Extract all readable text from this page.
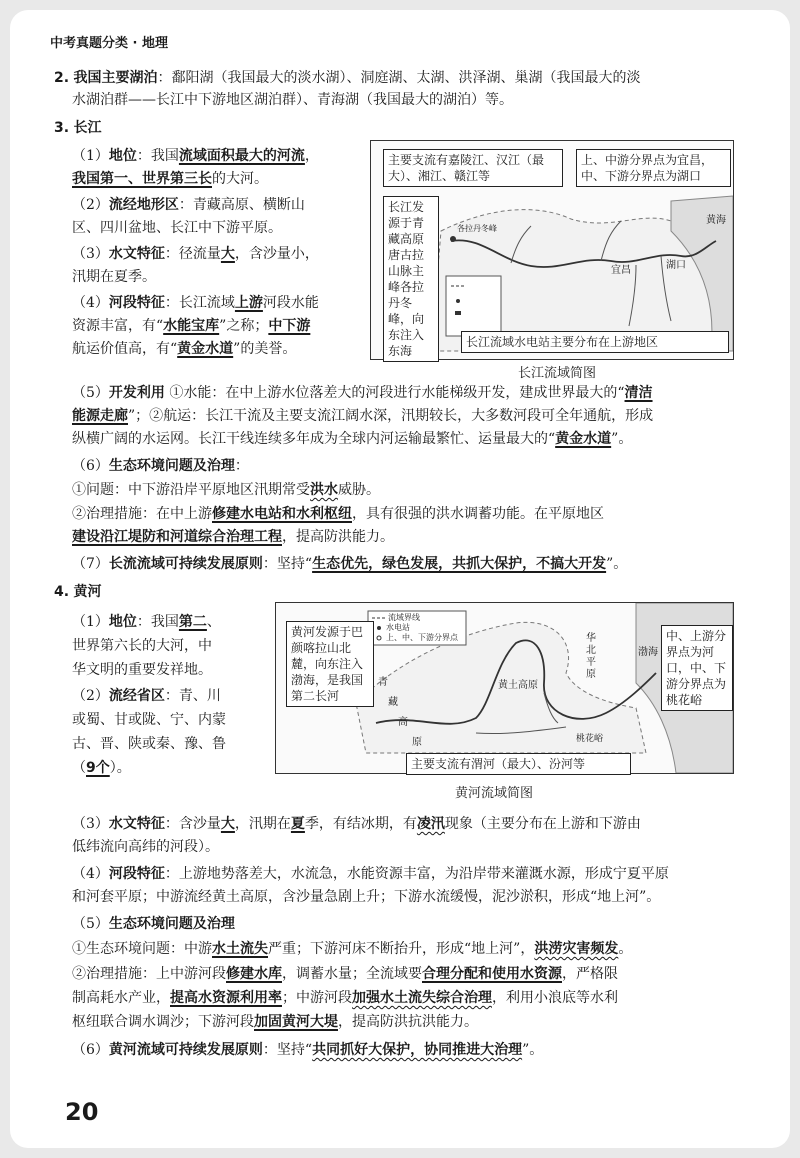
中考真题分类 · 地理
2. 我国主要湖泊：鄱阳湖（我国最大的淡水湖）、洞庭湖、太湖、洪泽湖、巢湖（我国最大的淡
水湖泊群——长江中下游地区湖泊群）、青海湖（我国最大的湖泊）等。
3. 长江
（1）地位：我国流域面积最大的河流，
我国第一、世界第三长的大河。
（2）流经地形区：青藏高原、横断山
区、四川盆地、长江中下游平原。
（3）水文特征：径流量大，含沙量小，
汛期在夏季。
（4）河段特征：长江流域上游河段水能
资源丰富，有“水能宝库”之称；中下游
航运价值高，有“黄金水道”的美誉。
主要支流有嘉陵江、汉江（最大）、湘江、赣江等
上、中游分界点为宜昌，中、下游分界点为湖口
长江发源于青藏高原唐古拉山脉主峰各拉丹冬峰，向东注入东海
长江流域水电站主要分布在上游地区
宜昌	湖口
黄海
各拉丹冬峰
长江流域简图
（5）开发利用 ①水能：在中上游水位落差大的河段进行水能梯级开发，建成世界最大的“清洁
能源走廊”；②航运：长江干流及主要支流江阔水深，汛期较长，大多数河段可全年通航，形成
纵横广阔的水运网。长江干线连续多年成为全球内河运输最繁忙、运量最大的“黄金水道”。
（6）生态环境问题及治理：
①问题：中下游沿岸平原地区汛期常受洪水威胁。
②治理措施：在中上游修建水电站和水利枢纽，具有很强的洪水调蓄功能。在平原地区
建设沿江堤防和河道综合治理工程，提高防洪能力。
（7）长流流域可持续发展原则：坚持“生态优先，绿色发展，共抓大保护，不搞大开发”。
4. 黄河
（1）地位：我国第二、
世界第六长的大河，中
华文明的重要发祥地。
（2）流经省区：青、川
或蜀、甘或陇、宁、内蒙
古、晋、陕或秦、豫、鲁
（9个）。
黄河发源于巴颜喀拉山北麓，向东注入渤海，是我国第二长河
中、上游分界点为河口，中、下游分界点为桃花峪
主要支流有渭河（最大）、汾河等
黄土高原
华北平原
青
藏
高
原
渤海
桃花峪
流域界线
水电站
上、中、下游分界点
黄河流域简图
（3）水文特征：含沙量大，汛期在夏季，有结冰期，有凌汛现象（主要分布在上游和下游由
低纬流向高纬的河段）。
（4）河段特征：上游地势落差大，水流急，水能资源丰富，为沿岸带来灌溉水源，形成宁夏平原
和河套平原；中游流经黄土高原，含沙量急剧上升；下游水流缓慢，泥沙淤积，形成“地上河”。
（5）生态环境问题及治理
①生态环境问题：中游水土流失严重；下游河床不断抬升，形成“地上河”，洪涝灾害频发。
②治理措施：上中游河段修建水库，调蓄水量；全流域要合理分配和使用水资源，严格限
制高耗水产业，提高水资源利用率；中游河段加强水土流失综合治理，利用小浪底等水利
枢纽联合调水调沙；下游河段加固黄河大堤，提高防洪抗洪能力。
（6）黄河流域可持续发展原则：坚持“共同抓好大保护，协同推进大治理”。
20
